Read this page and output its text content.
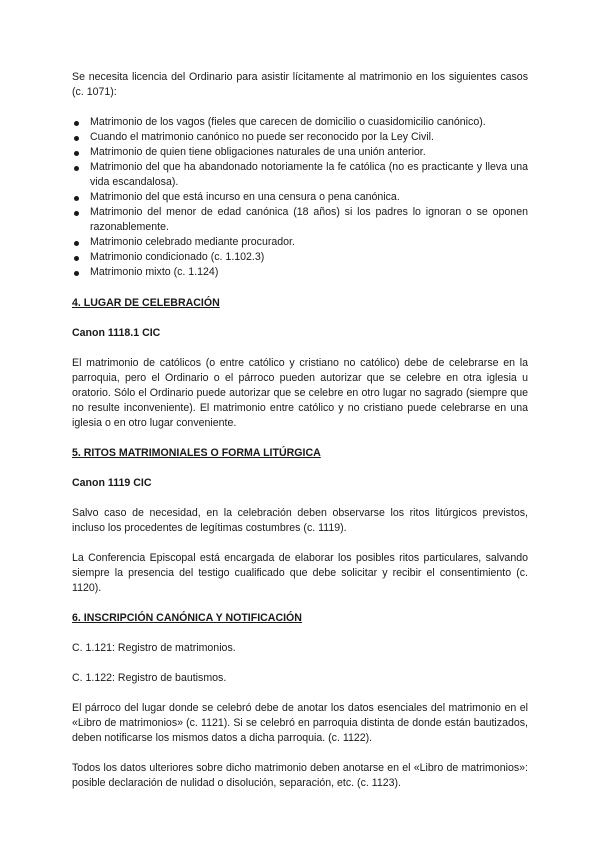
Se necesita licencia del Ordinario para asistir lícitamente al matrimonio en los siguientes casos (c. 1071):

Matrimonio de los vagos (fieles que carecen de domicilio o cuasidomicilio canónico).
Cuando el matrimonio canónico no puede ser reconocido por la Ley Civil.
Matrimonio de quien tiene obligaciones naturales de una unión anterior.
Matrimonio del que ha abandonado notoriamente la fe católica (no es practicante y lleva una vida escandalosa).
Matrimonio del que está incurso en una censura o pena canónica.
Matrimonio del menor de edad canónica (18 años) si los padres lo ignoran o se oponen razonablemente.
Matrimonio celebrado mediante procurador.
Matrimonio condicionado (c. 1.102.3)
Matrimonio mixto (c. 1.124)
4. LUGAR DE CELEBRACIÓN
Canon 1118.1 CIC

El matrimonio de católicos (o entre católico y cristiano no católico) debe de celebrarse en la parroquia, pero el Ordinario o el párroco pueden autorizar que se celebre en otra iglesia u oratorio. Sólo el Ordinario puede autorizar que se celebre en otro lugar no sagrado (siempre que no resulte inconveniente). El matrimonio entre católico y no cristiano puede celebrarse en una iglesia o en otro lugar conveniente.

5. RITOS MATRIMONIALES O FORMA LITÚRGICA
Canon 1119 CIC

Salvo caso de necesidad, en la celebración deben observarse los ritos litúrgicos previstos, incluso los procedentes de legítimas costumbres (c. 1119).

La Conferencia Episcopal está encargada de elaborar los posibles ritos particulares, salvando siempre la presencia del testigo cualificado que debe solicitar y recibir el consentimiento (c. 1120).

6. INSCRIPCIÓN CANÓNICA Y NOTIFICACIÓN

C. 1.121: Registro de matrimonios.

C. 1.122: Registro de bautismos.

El párroco del lugar donde se celebró debe de anotar los datos esenciales del matrimonio en el «Libro de matrimonios» (c. 1121). Si se celebró en parroquia distinta de donde están bautizados, deben notificarse los mismos datos a dicha parroquia. (c. 1122).

Todos los datos ulteriores sobre dicho matrimonio deben anotarse en el «Libro de matrimonios»: posible declaración de nulidad o disolución, separación, etc. (c. 1123).
